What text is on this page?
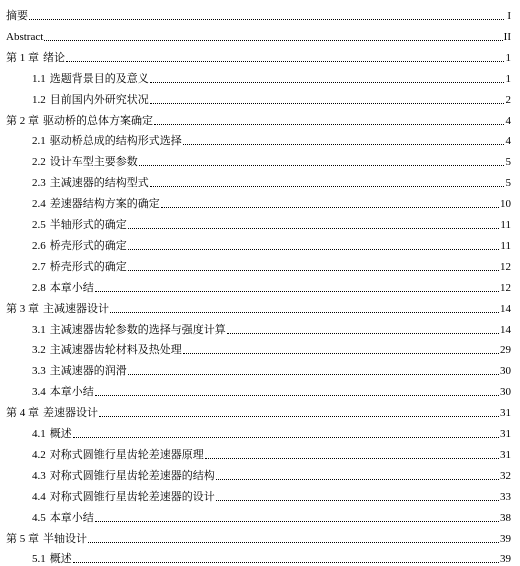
摘要	I
Abstract	II
第 1 章 绪论	1
1.1 选题背景目的及意义	1
1.2 目前国内外研究状况	2
第 2 章 驱动桥的总体方案确定	4
2.1 驱动桥总成的结构形式选择	4
2.2 设计车型主要参数	5
2.3 主减速器的结构型式	5
2.4 差速器结构方案的确定	10
2.5 半轴形式的确定	11
2.6 桥壳形式的确定	11
2.7 桥壳形式的确定	12
2.8 本章小结	12
第 3 章 主减速器设计	14
3.1 主减速器齿轮参数的选择与强度计算	14
3.2 主减速器齿轮材料及热处理	29
3.3 主减速器的润滑	30
3.4 本章小结	30
第 4 章 差速器设计	31
4.1 概述	31
4.2 对称式圆锥行星齿轮差速器原理	31
4.3 对称式圆锥行星齿轮差速器的结构	32
4.4 对称式圆锥行星齿轮差速器的设计	33
4.5 本章小结	38
第 5 章 半轴设计	39
5.1 概述	39
